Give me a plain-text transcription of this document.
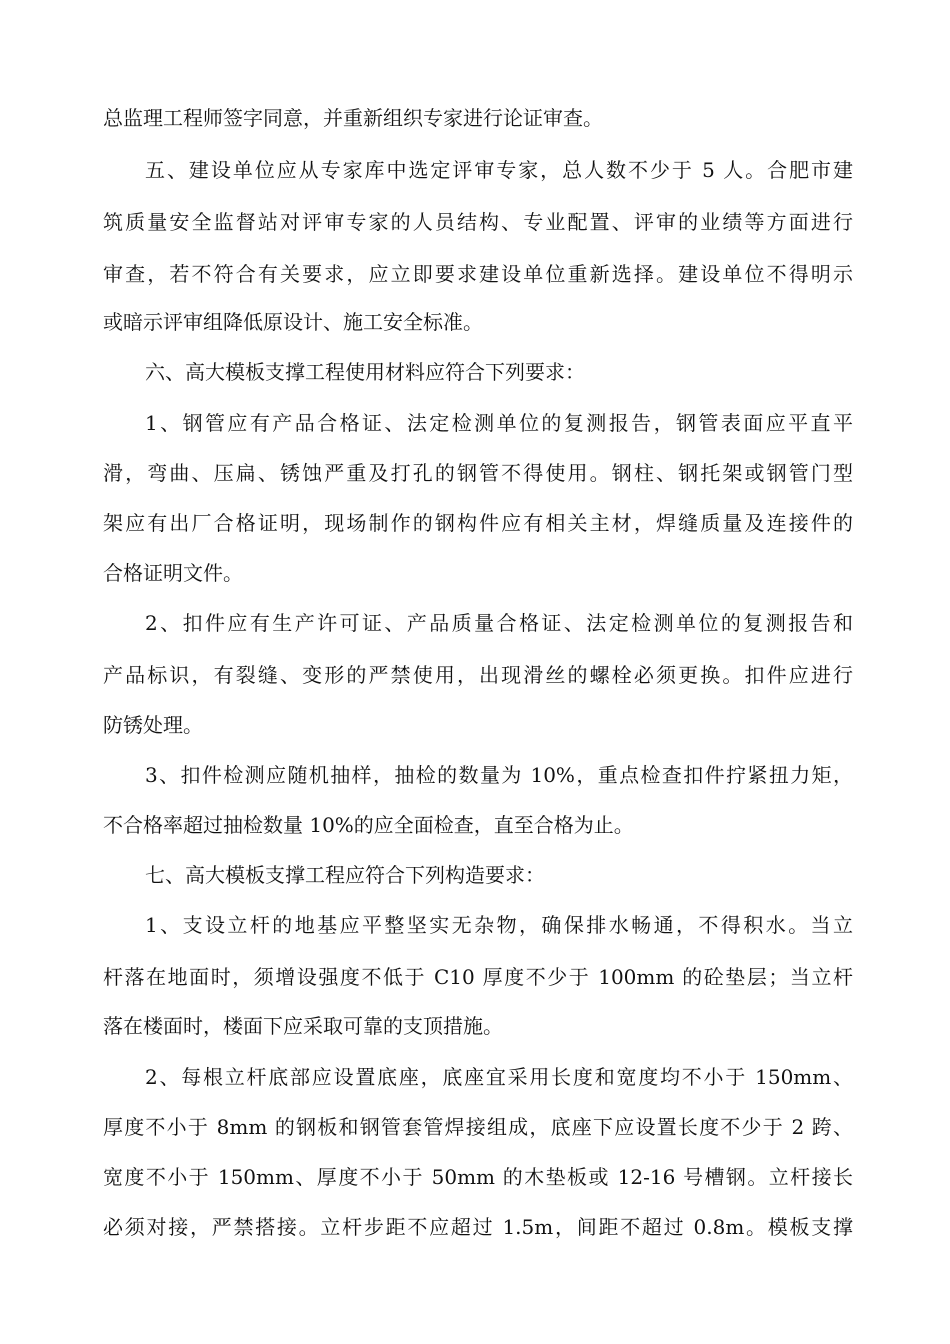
总监理工程师签字同意，并重新组织专家进行论证审查。
五、建设单位应从专家库中选定评审专家，总人数不少于 5 人。合肥市建
筑质量安全监督站对评审专家的人员结构、专业配置、评审的业绩等方面进行
审查，若不符合有关要求，应立即要求建设单位重新选择。建设单位不得明示
或暗示评审组降低原设计、施工安全标准。
六、高大模板支撑工程使用材料应符合下列要求：
1、钢管应有产品合格证、法定检测单位的复测报告，钢管表面应平直平
滑，弯曲、压扁、锈蚀严重及打孔的钢管不得使用。钢柱、钢托架或钢管门型
架应有出厂合格证明，现场制作的钢构件应有相关主材，焊缝质量及连接件的
合格证明文件。
2、扣件应有生产许可证、产品质量合格证、法定检测单位的复测报告和
产品标识，有裂缝、变形的严禁使用，出现滑丝的螺栓必须更换。扣件应进行
防锈处理。
3、扣件检测应随机抽样，抽检的数量为 10%，重点检查扣件拧紧扭力矩，
不合格率超过抽检数量 10%的应全面检查，直至合格为止。
七、高大模板支撑工程应符合下列构造要求：
1、支设立杆的地基应平整坚实无杂物，确保排水畅通，不得积水。当立
杆落在地面时，须增设强度不低于 C10 厚度不少于 100mm 的砼垫层；当立杆
落在楼面时，楼面下应采取可靠的支顶措施。
2、每根立杆底部应设置底座，底座宜采用长度和宽度均不小于 150mm、
厚度不小于 8mm 的钢板和钢管套管焊接组成，底座下应设置长度不少于 2 跨、
宽度不小于 150mm、厚度不小于 50mm 的木垫板或 12-16 号槽钢。立杆接长
必须对接，严禁搭接。立杆步距不应超过 1.5m，间距不超过 0.8m。模板支撑
